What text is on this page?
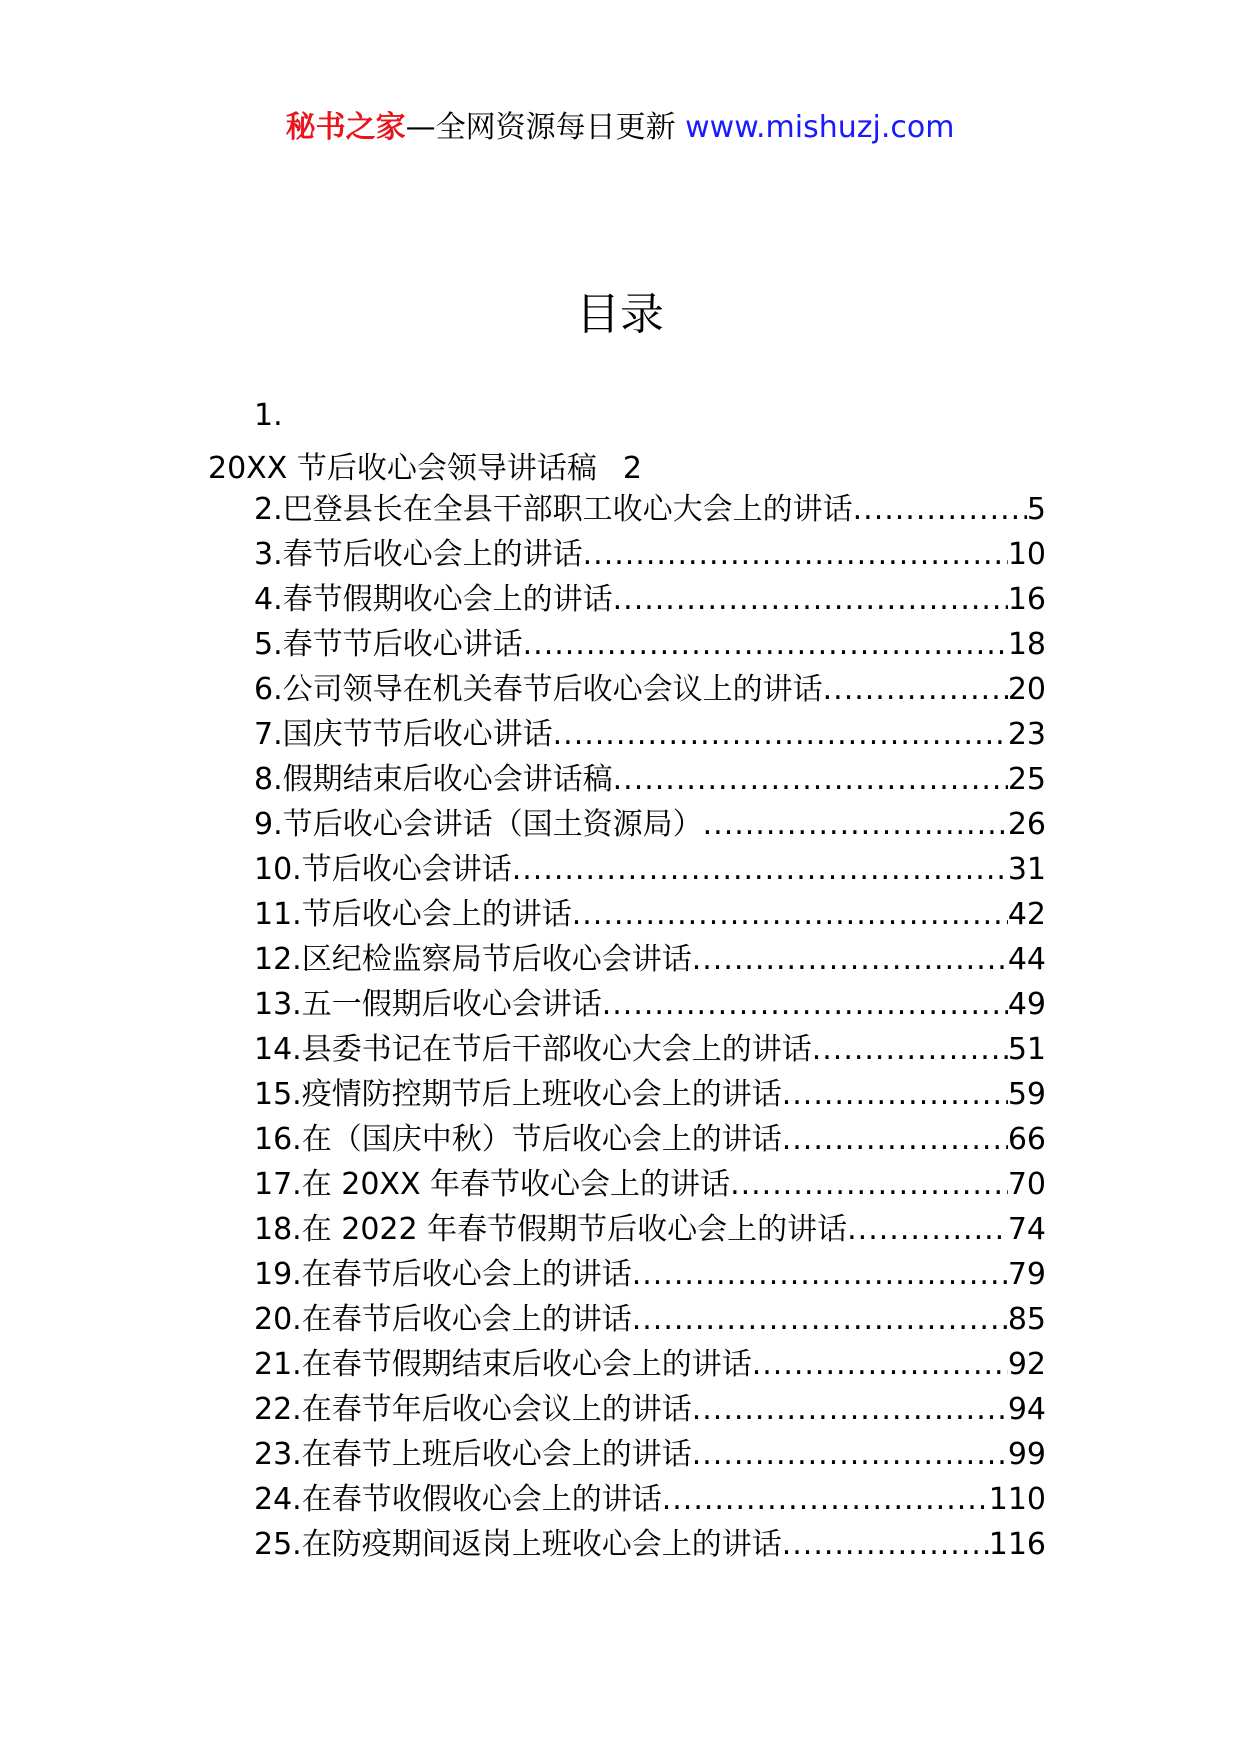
秘书之家—全网资源每日更新 www.mishuzj.com
目录
1.
20XX 节后收心会领导讲话稿 2
2.巴登县长在全县干部职工收心大会上的讲话 .....	5
3.春节后收心会上的讲话 .....	10
4.春节假期收心会上的讲话 .....	16
5.春节节后收心讲话 .....	18
6.公司领导在机关春节后收心会议上的讲话 .....	20
7.国庆节节后收心讲话 .....	23
8.假期结束后收心会讲话稿 .....	25
9.节后收心会讲话（国土资源局） .....	26
10.节后收心会讲话 .....	31
11.节后收心会上的讲话 .....	42
12.区纪检监察局节后收心会讲话 .....	44
13.五一假期后收心会讲话 .....	49
14.县委书记在节后干部收心大会上的讲话 .....	51
15.疫情防控期节后上班收心会上的讲话 .....	59
16.在（国庆中秋）节后收心会上的讲话 .....	66
17.在 20XX 年春节收心会上的讲话 .....	70
18.在 2022 年春节假期节后收心会上的讲话 .....	74
19.在春节后收心会上的讲话 .....	79
20.在春节后收心会上的讲话 .....	85
21.在春节假期结束后收心会上的讲话 .....	92
22.在春节年后收心会议上的讲话 .....	94
23.在春节上班后收心会上的讲话 .....	99
24.在春节收假收心会上的讲话 .....	110
25.在防疫期间返岗上班收心会上的讲话 .....	116
